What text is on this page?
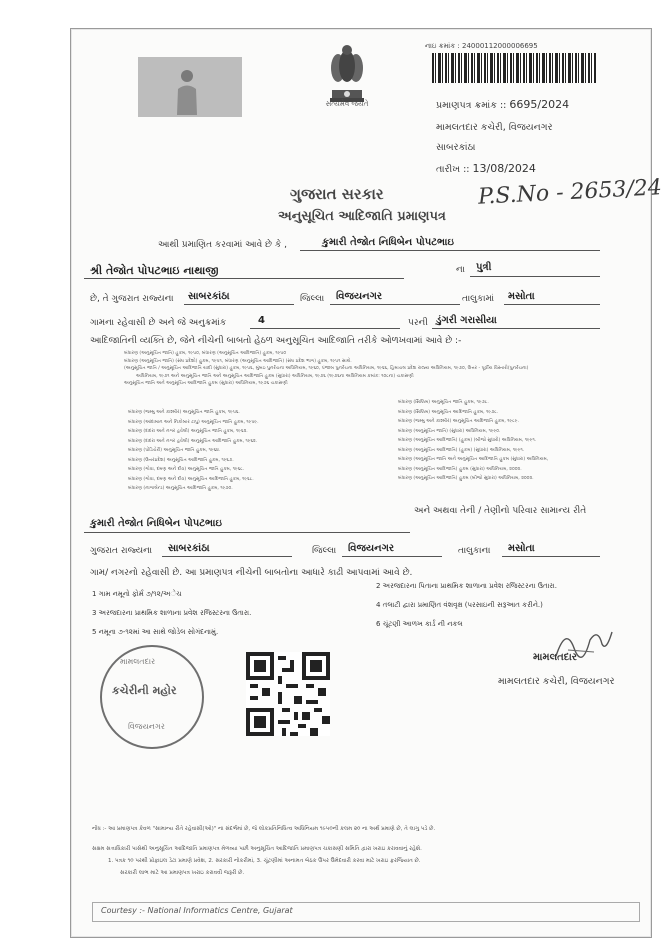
સત્યમેવ જયતે
નાઇ ક્રમાંક : 24000112000006695
પ્રમાણપત્ર ક્રમાંક :: 6695/2024
મામલતદાર કચેરી, વિજયનગર
સાબરકાંઠા
તારીખ :: 13/08/2024
P.S.No - 2653/24
ગુજરાત સરકાર
અનુસૂચિત આદિજાતિ પ્રમાણપત્ર
આથી પ્રમાણિત કરવામાં આવે છે કે ,	કુમારી તેજોત નિધિબેન પોપટભાઇ
શ્રી તેજોત પોપટભાઇ નાથાજી	ના પુત્રી
છે, તે ગુજરાત રાજ્યના સાબરકાંઠા	જિલ્લા વિજયનગર	તાલુકામાં મસોતા
ગામના રહેવાસી છે અને જે અનુક્રમાંક	4	પરની ડુંગરી ગરાસીયા
આદિજાતિની વ્યક્તિ છે, જેને નીચેની બાબતો હેઠળ અનુસૂચિત આદિજાતિ તરીકે ઓળખવામાં આવે છે :-
બંધારણ (અનુસૂચિત જાતિ) હુકમ, ૧૯૫૦, બંધારણ (અનુસૂચિત આદિજાતિ) હુકમ, ૧૯૫૦
બંધારણ (અનુસૂચિત જાતિ) (સંઘ પ્રદેશો) હુકમ, ૧૯૫૧, બંધારણ (અનુસૂચિત આદિજાતિ) (સંઘ પ્રદેશ ભાગ) હુકમ, ૧૯૫૧ સાથે.
(અનુસૂચિત જાતિ / અનુસૂચિત આદિજાતિ યાદી (સુધારા) હુકમ, ૧૯૫૬, મુંબઇ પુનર્રચના અધિનિયમ, ૧૯૬૦, પંજાબ પુનર્રચના અધિનિયમ, ૧૯૬૬, હિમાચલ પ્રદેશ રાજ્ય અધિનિયમ, ૧૯૭૦, ઉત્તર - પૂર્વીય વિસ્તારો(પુનર્રચના)
અધિનિયમ, ૧૯૭૧ અને અનુસૂચિત જાતિ અને અનુસૂચિત આદિજાતિ હુકમ (સુધારા) અધિનિયમ, ૧૯૭૬ (૧૯૭૬ના અધિનિયમ ક્રમાંક: ૧૦૮ના) ચકાસણી
અનુસૂચિત જાતિ અને અનુસૂચિત આદિજાતિ હુકમ (સુધારા) અધિનિયમ, ૧૯૭૬ ચકાસણી
બંધારણ (જમ્મુ અને કાશ્મીર) અનુસૂચિત જાતિ હુકમ, ૧૯૫૬.
બંધારણ (આંદામાન અને નિકોબાર ટાપુ) અનુસૂચિત જાતિ હુકમ, ૧૯૫૯.
બંધારણ (દાદરા અને નગર હવેલી) અનુસૂચિત જાતિ હુકમ, ૧૯૬૨.
બંધારણ (દાદરા અને નગર હવેલી) અનુસૂચિત આદિજાતિ હુકમ, ૧૯૬૨.
બંધારણ (પોંડિચેરી) અનુસૂચિત જાતિ હુકમ, ૧૯૬૪.
બંધારણ (ઉત્તરપ્રદેશ) અનુસૂચિત આદિજાતિ હુકમ, ૧૯૬૭.
બંધારણ (ગોવા, દમણ અને દીવ) અનુસૂચિત જાતિ હુકમ, ૧૯૬૮.
બંધારણ (ગોવા, દમણ અને દીવ) અનુસૂચિત આદિજાતિ હુકમ, ૧૯૬૮.
બંધારણ (નાગાલેન્ડ) અનુસૂચિત આદિજાતિ હુકમ, ૧૯૭૦.
બંધારણ (સિક્કિમ) અનુસૂચિત જાતિ હુકમ, ૧૯૭૮.
બંધારણ (સિક્કિમ) અનુસૂચિત આદિજાતિ હુકમ, ૧૯૭૮.
બંધારણ (જમ્મુ અને કાશ્મીર) અનુસૂચિત આદિજાતિ હુકમ, ૧૯૮૯.
બંધારણ (અનુસૂચિત જાતિ) (સુધારા) અધિનિયમ, ૧૯૯૦.
બંધારણ (અનુસૂચિત આદિજાતિ) (હુકમ) (બીજો સુધારો) અધિનિયમ, ૧૯૯૧.
બંધારણ (અનુસૂચિત આદિજાતિ) (હુકમ) (સુધારા) અધિનિયમ, ૧૯૯૧.
બંધારણ (અનુસૂચિત જાતિ અને અનુસૂચિત આદિજાતિ હુકમ (સુધારા) અધિનિયમ,
બંધારણ (અનુસૂચિત આદિજાતિ) હુકમ (સુધારા) અધિનિયમ, ૨૦૦૨.
બંધારણ (અનુસૂચિત આદિજાતિ) હુકમ (બીજો સુધારા) અધિનિયમ, ૨૦૦૨.
કુમારી તેજોત નિધિબેન પોપટભાઇ
અને અથવા તેની / તેણીનો પરિવાર સામાન્ય રીતે
ગુજરાત રાજ્યના સાબરકાંઠા	જિલ્લા વિજયનગર	તાલુકાના મસોતા
ગામ/ નગરનો રહેવાસી છે. આ પ્રમાણપત્ર નીચેની બાબતોના આધારે કાઢી આપવામાં આવે છે.
1 ગામ નમૂનો ફોર્મ ૭/૧૨/અેચ
2 અરજદારના પિતાના પ્રાથમિક શાળાના પ્રવેશ રજિસ્ટરના ઉતારા.
3 અરજદારના પ્રાથમિક શાળાના પ્રવેશ રજિસ્ટરના ઉતારા.
4 તલાટી દ્વારા પ્રમાણિત વંશવૃક્ષ (પરસાઇની સરૂઆત કરીને.)
5 નમૂના ૭-૧૨માં આ સાથે જોડેલ સોગંદનામું.
6 ચૂંટણી આળખ કાર્ડ ની નકલ
મામલતદાર
કચેરીની મહોર
વિજયનગર
મામલતદાર
મામલતદાર કચેરી, વિજયનગર
નોંધ :- આ પ્રમાણપત્ર કેવળ "સામાન્ય રીતે રહેવાસી(ઓ)" ના સંદર્ભમાં છે, જે લોકપ્રતિનિધિત્વ અધિનિયમ ૧૯૫૦ની કલમ ૨૦ ના અર્થ પ્રમાણે છે, તે લાગુ પડે છે.
સક્ષમ સત્તાધિકારી પાસેથી અનુસૂચિત આદિજાતિ પ્રમાણપત્ર મેળવ્યા પછી અનુસૂચિત આદિજાતિ પ્રમાણપત્ર ચકાસણી સમિતિ દ્વારા ખરાઇ કરાવવાનું રહેશે.
1. પત્રક ૧૦ પરથી પ્રોફાઇલ ડેટા પ્રમાણે પ્રવેશ, 2. સરકારી નોકરીમાં, 3. ચૂંટણીમાં અનામત બેઠક ઉપર ઉમેદવારી કરવા માટે ખરાઇ ફરજિયાત છે.
સરકારી લાભ માટે આ પ્રમાણપત્ર ખરાઇ કરાવવી જરૂરી છે.
Courtesy :- National Informatics Centre, Gujarat
